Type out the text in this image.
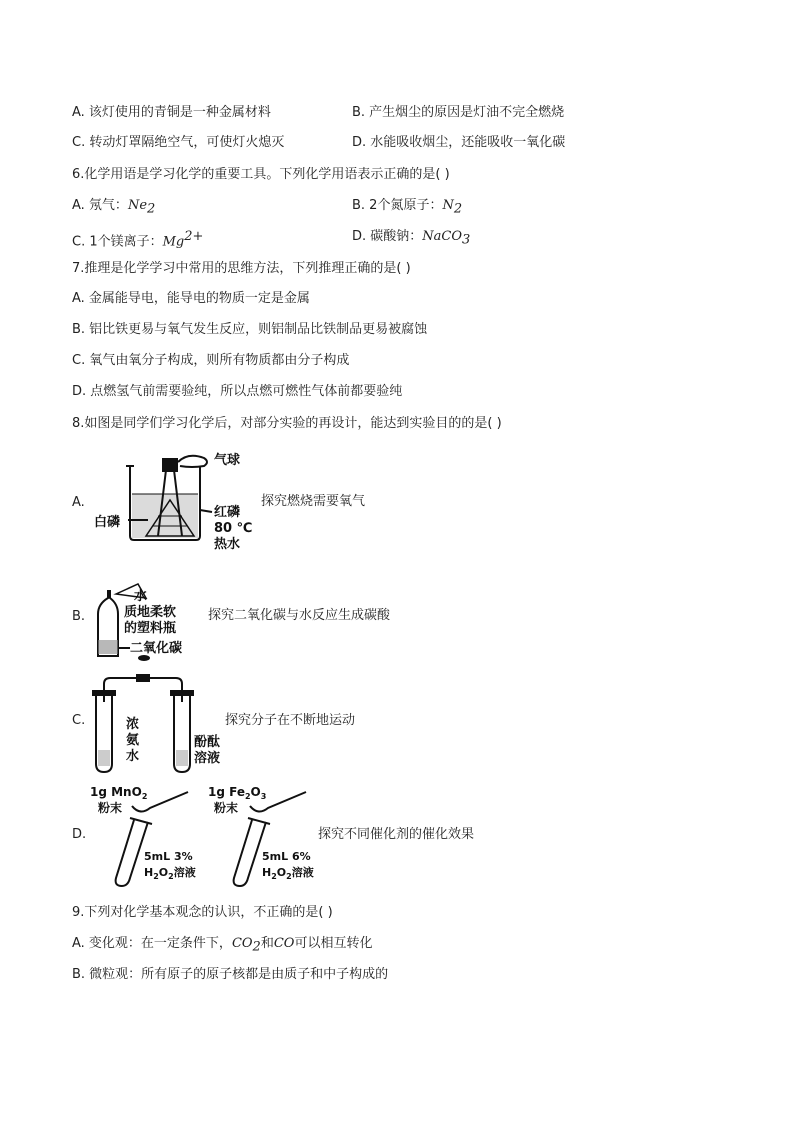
A. 该灯使用的青铜是一种金属材料	B. 产生烟尘的原因是灯油不完全燃烧
C. 转动灯罩隔绝空气，可使灯火熄灭	D. 水能吸收烟尘，还能吸收一氧化碳
6.化学用语是学习化学的重要工具。下列化学用语表示正确的是( )
A. 氖气：$Ne_2$	B. 2个氮原子：$N_2$
C. 1个镁离子：$Mg^{2+}$	D. 碳酸钠：NaCO$_3$
7.推理是化学学习中常用的思维方法，下列推理正确的是( )
A. 金属能导电，能导电的物质一定是金属
B. 铝比铁更易与氧气发生反应，则铝制品比铁制品更易被腐蚀
C. 氧气由氧分子构成，则所有物质都由分子构成
D. 点燃氢气前需要验纯，所以点燃可燃性气体前都要验纯
8.如图是同学们学习化学后，对部分实验的再设计，能达到实验目的的是( )
A.
气球
白磷
红磷
80 ℃
热水
探究燃烧需要氧气
B.
水
质地柔软
的塑料瓶
二氧化碳
探究二氧化碳与水反应生成碳酸
C.	浓
氨
水
酚酞
溶液
探究分子在不断地运动
D.
1g MnO$_2$
粉末
5mL 3%
$H_2O_2$溶液
1g $Fe_2O_3$
粉末
5mL 6%
$H_2O_2$溶液
探究不同催化剂的催化效果
9.下列对化学基本观念的认识，不正确的是( )
A. 变化观：在一定条件下，$CO_2$和CO可以相互转化
B. 微粒观：所有原子的原子核都是由质子和中子构成的
